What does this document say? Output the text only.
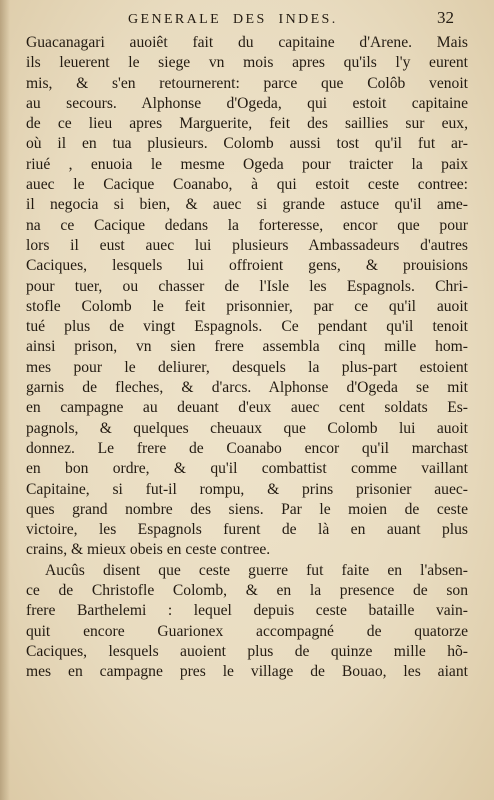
GENERALE DES INDES.	32
Guacanagari auoiêt fait du capitaine d'Arene. Mais
ils leuerent le siege vn mois apres qu'ils l'y eurent
mis, & s'en retournerent: parce que Colôb venoit
au secours. Alphonse d'Ogeda, qui estoit capitaine
de ce lieu apres Marguerite, feit des saillies sur eux,
où il en tua plusieurs. Colomb aussi tost qu'il fut ar-
riué , enuoia le mesme Ogeda pour traicter la paix
auec le Cacique Coanabo, à qui estoit ceste contree:
il negocia si bien, & auec si grande astuce qu'il ame-
na ce Cacique dedans la forteresse, encor que pour
lors il eust auec lui plusieurs Ambassadeurs d'autres
Caciques, lesquels lui offroient gens, & prouisions
pour tuer, ou chasser de l'Isle les Espagnols. Chri-
stofle Colomb le feit prisonnier, par ce qu'il auoit
tué plus de vingt Espagnols. Ce pendant qu'il tenoit
ainsi prison, vn sien frere assembla cinq mille hom-
mes pour le deliurer, desquels la plus-part estoient
garnis de fleches, & d'arcs. Alphonse d'Ogeda se mit
en campagne au deuant d'eux auec cent soldats Es-
pagnols, & quelques cheuaux que Colomb lui auoit
donnez. Le frere de Coanabo encor qu'il marchast
en bon ordre, & qu'il combattist comme vaillant
Capitaine, si fut-il rompu, & prins prisonier auec-
ques grand nombre des siens. Par le moien de ceste
victoire, les Espagnols furent de là en auant plus
crains, & mieux obeis en ceste contree.
Aucûs disent que ceste guerre fut faite en l'absen-
ce de Christofle Colomb, & en la presence de son
frere Barthelemi : lequel depuis ceste bataille vain-
quit encore Guarionex accompagné de quatorze
Caciques, lesquels auoient plus de quinze mille hõ-
mes en campagne pres le village de Bouao, les aiant
